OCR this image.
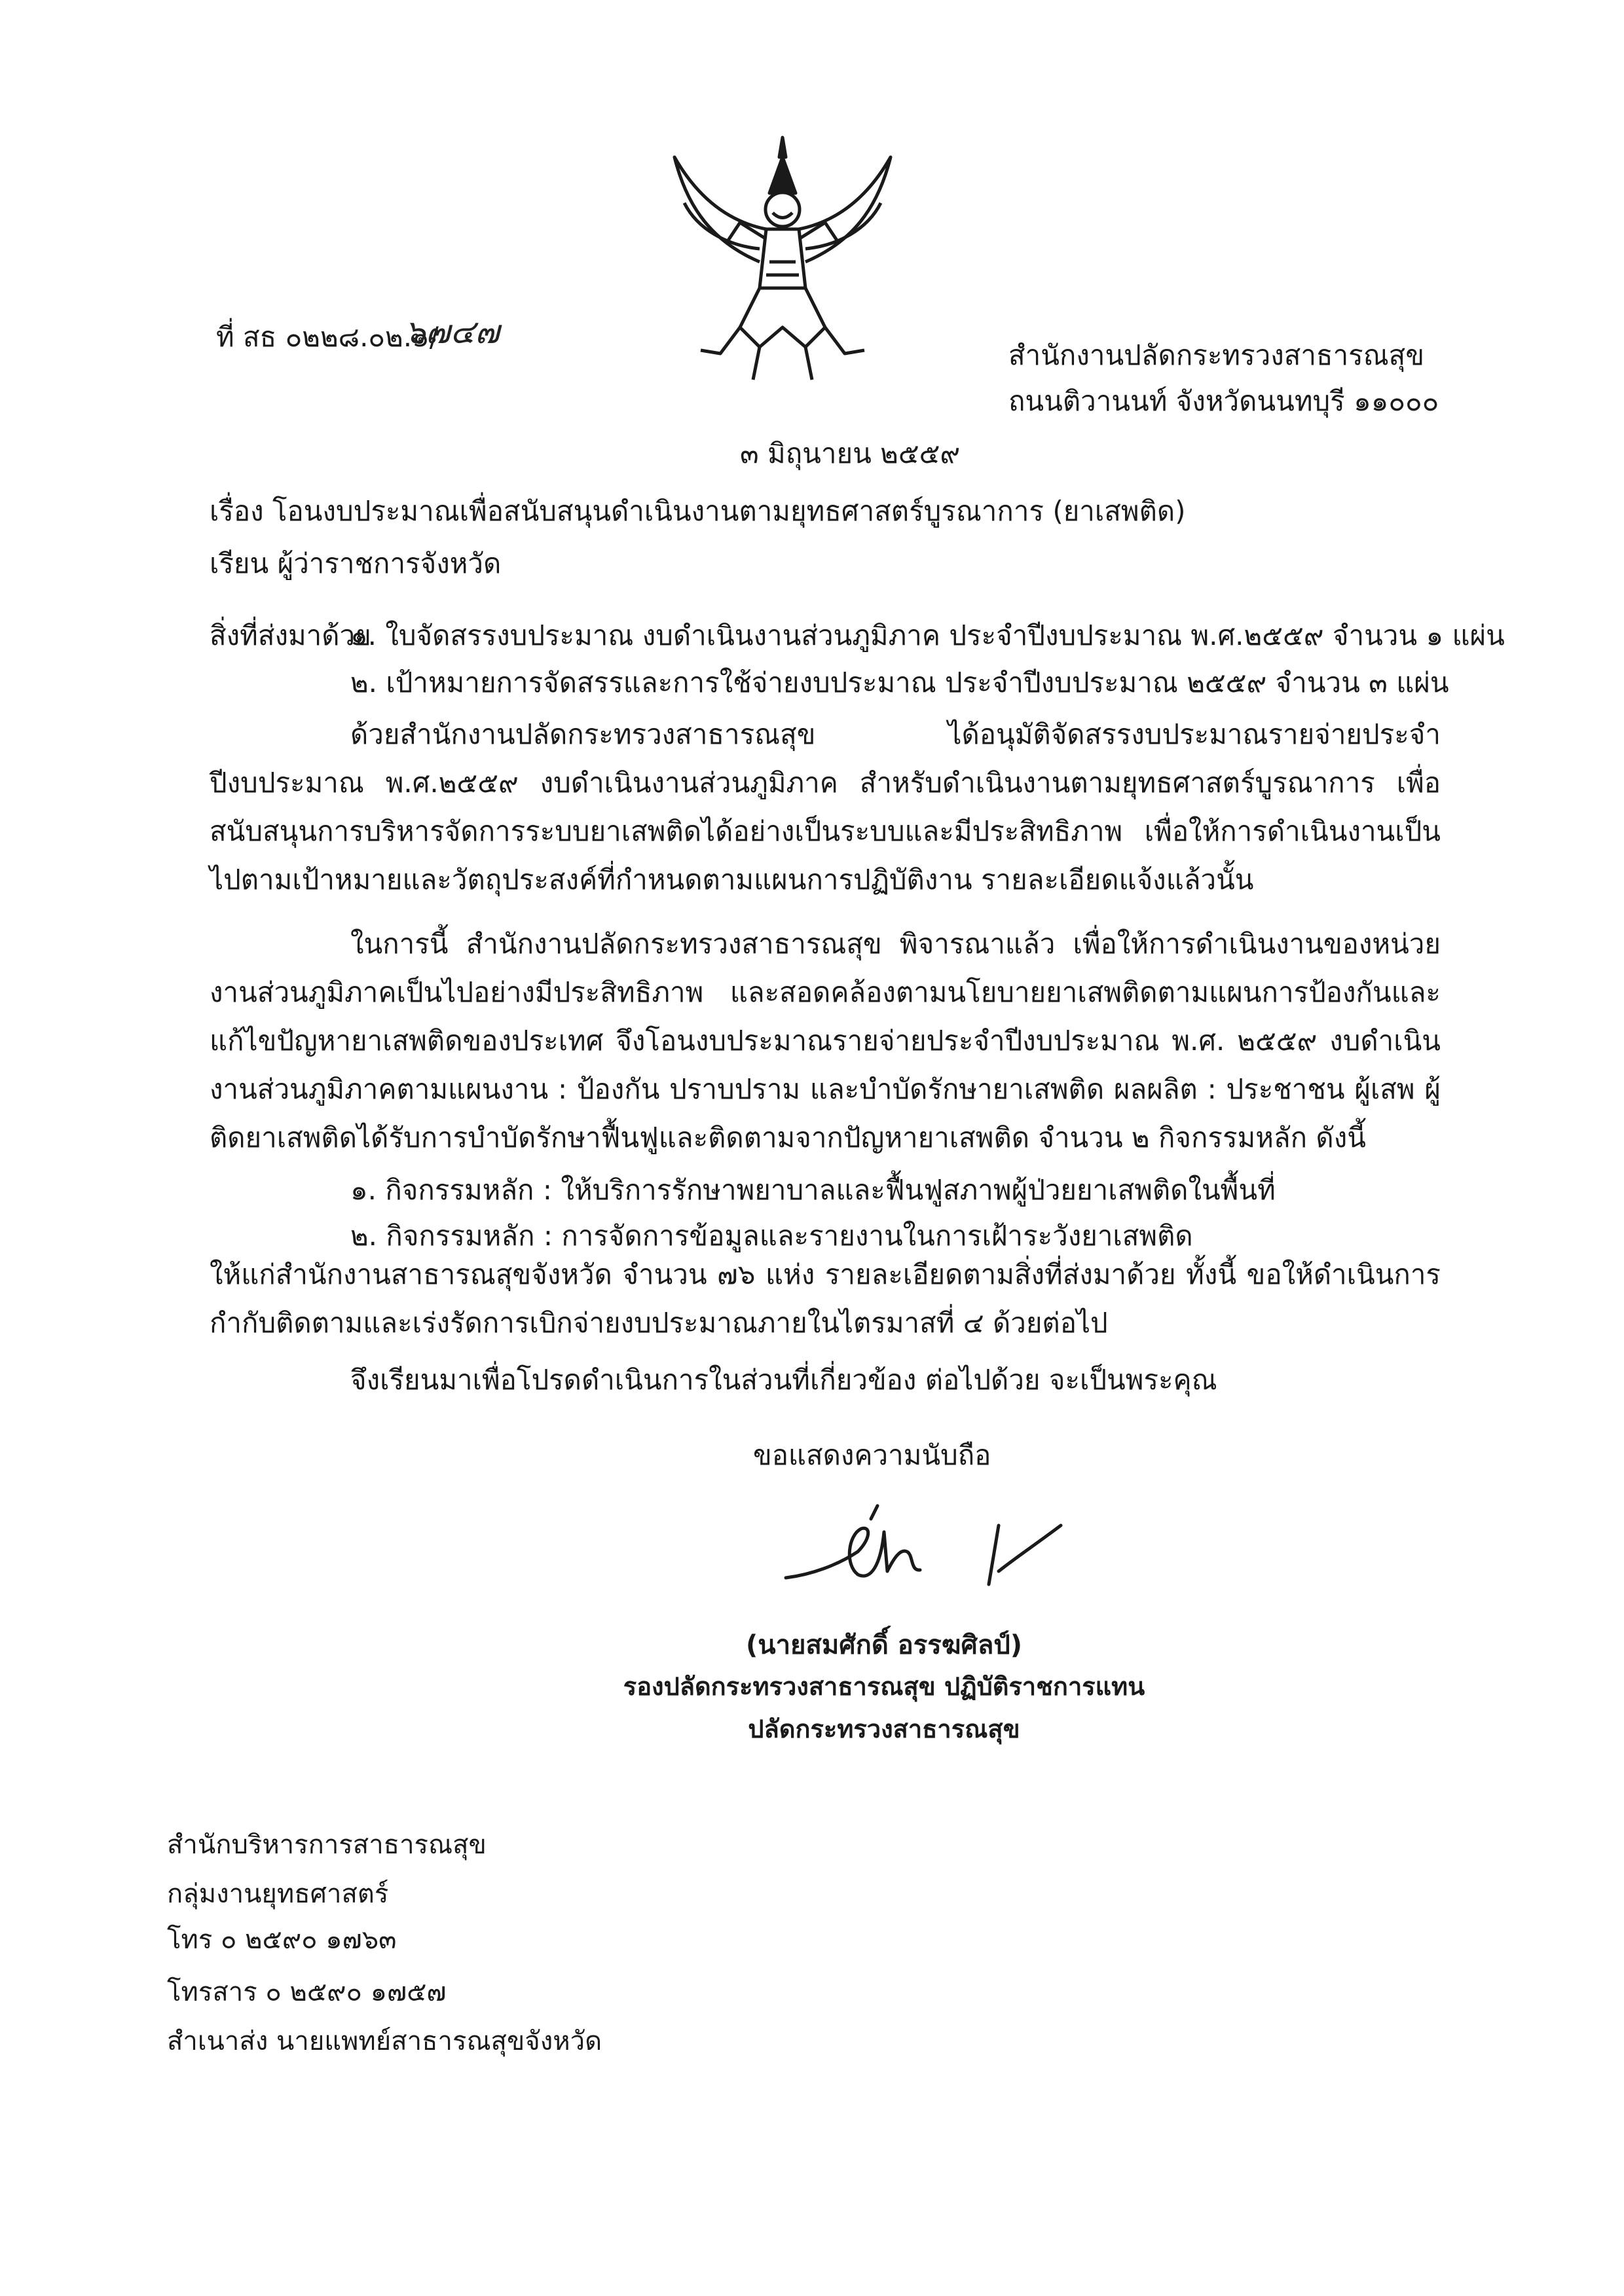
ที่ สธ ๐๒๒๘.๐๒.๑/
๖๗๔๗
สำนักงานปลัดกระทรวงสาธารณสุข
ถนนติวานนท์ จังหวัดนนทบุรี ๑๑๐๐๐
๓ มิถุนายน ๒๕๕๙
เรื่อง โอนงบประมาณเพื่อสนับสนุนดำเนินงานตามยุทธศาสตร์บูรณาการ (ยาเสพติด)
เรียน ผู้ว่าราชการจังหวัด
สิ่งที่ส่งมาด้วย
๑. ใบจัดสรรงบประมาณ งบดำเนินงานส่วนภูมิภาค ประจำปีงบประมาณ พ.ศ.๒๕๕๙ จำนวน ๑ แผ่น
๒. เป้าหมายการจัดสรรและการใช้จ่ายงบประมาณ ประจำปีงบประมาณ ๒๕๕๙ จำนวน ๓ แผ่น
ด้วยสำนักงานปลัดกระทรวงสาธารณสุข ได้อนุมัติจัดสรรงบประมาณรายจ่ายประจำปีงบประมาณ พ.ศ.๒๕๕๙ งบดำเนินงานส่วนภูมิภาค สำหรับดำเนินงานตามยุทธศาสตร์บูรณาการ เพื่อสนับสนุนการบริหารจัดการระบบยาเสพติดได้อย่างเป็นระบบและมีประสิทธิภาพ เพื่อให้การดำเนินงานเป็นไปตามเป้าหมายและวัตถุประสงค์ที่กำหนดตามแผนการปฏิบัติงาน รายละเอียดแจ้งแล้วนั้น
ในการนี้ สำนักงานปลัดกระทรวงสาธารณสุข พิจารณาแล้ว เพื่อให้การดำเนินงานของหน่วยงานส่วนภูมิภาคเป็นไปอย่างมีประสิทธิภาพ และสอดคล้องตามนโยบายยาเสพติดตามแผนการป้องกันและแก้ไขปัญหายาเสพติดของประเทศ จึงโอนงบประมาณรายจ่ายประจำปีงบประมาณ พ.ศ. ๒๕๕๙ งบดำเนินงานส่วนภูมิภาคตามแผนงาน : ป้องกัน ปราบปราม และบำบัดรักษายาเสพติด ผลผลิต : ประชาชน ผู้เสพ ผู้ติดยาเสพติดได้รับการบำบัดรักษาฟื้นฟูและติดตามจากปัญหายาเสพติด จำนวน ๒ กิจกรรมหลัก ดังนี้
๑. กิจกรรมหลัก : ให้บริการรักษาพยาบาลและฟื้นฟูสภาพผู้ป่วยยาเสพติดในพื้นที่
๒. กิจกรรมหลัก : การจัดการข้อมูลและรายงานในการเฝ้าระวังยาเสพติด
ให้แก่สำนักงานสาธารณสุขจังหวัด จำนวน ๗๖ แห่ง รายละเอียดตามสิ่งที่ส่งมาด้วย ทั้งนี้ ขอให้ดำเนินการกำกับติดตามและเร่งรัดการเบิกจ่ายงบประมาณภายในไตรมาสที่ ๔ ด้วยต่อไป
จึงเรียนมาเพื่อโปรดดำเนินการในส่วนที่เกี่ยวข้อง ต่อไปด้วย จะเป็นพระคุณ
ขอแสดงความนับถือ
(นายสมศักดิ์ อรรฆศิลป์)
รองปลัดกระทรวงสาธารณสุข ปฏิบัติราชการแทน
ปลัดกระทรวงสาธารณสุข
สำนักบริหารการสาธารณสุข
กลุ่มงานยุทธศาสตร์
โทร ๐ ๒๕๙๐ ๑๗๖๓
โทรสาร ๐ ๒๕๙๐ ๑๗๕๗
สำเนาส่ง นายแพทย์สาธารณสุขจังหวัด
